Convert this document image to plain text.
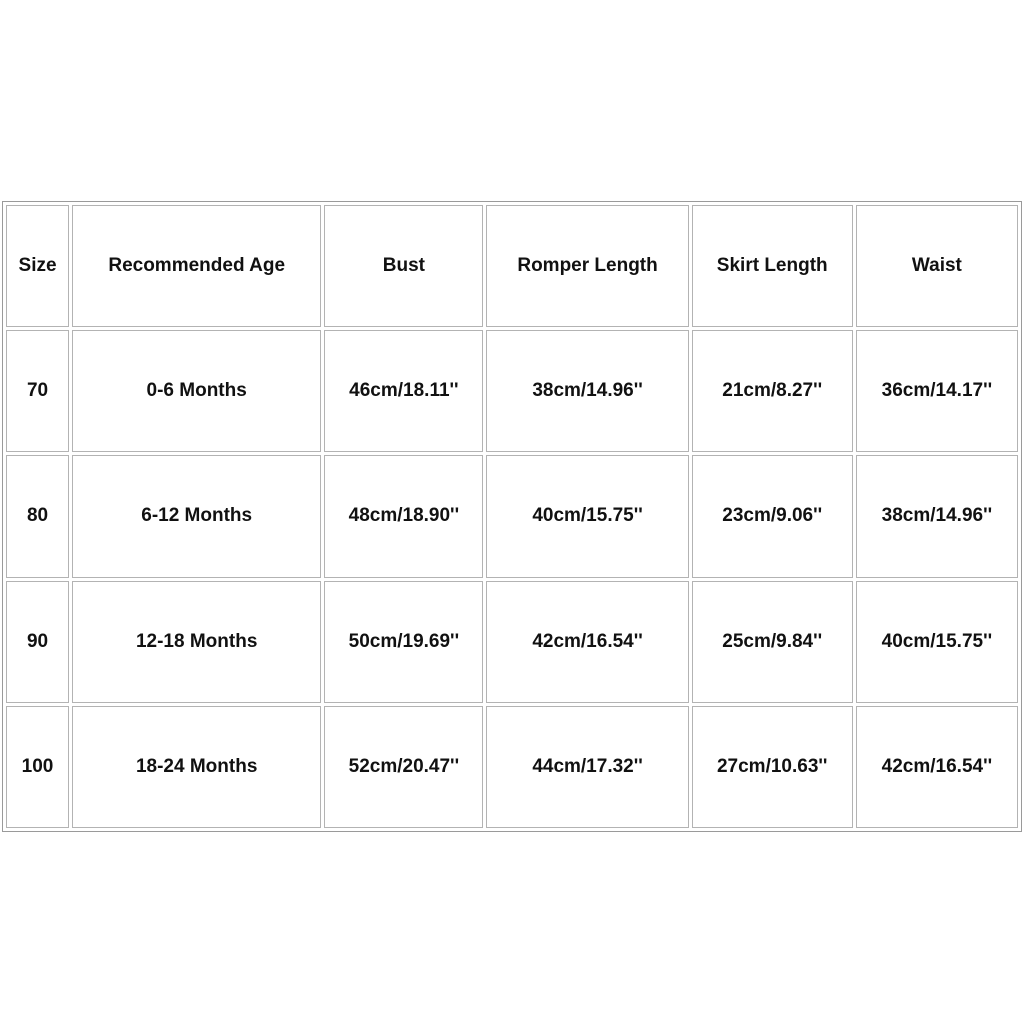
Size	Recommended Age	Bust	Romper Length	Skirt Length	Waist
70	0-6 Months	46cm/18.11''	38cm/14.96''	21cm/8.27''	36cm/14.17''
80	6-12 Months	48cm/18.90''	40cm/15.75''	23cm/9.06''	38cm/14.96''
90	12-18 Months	50cm/19.69''	42cm/16.54''	25cm/9.84''	40cm/15.75''
100	18-24 Months	52cm/20.47''	44cm/17.32''	27cm/10.63''	42cm/16.54''
